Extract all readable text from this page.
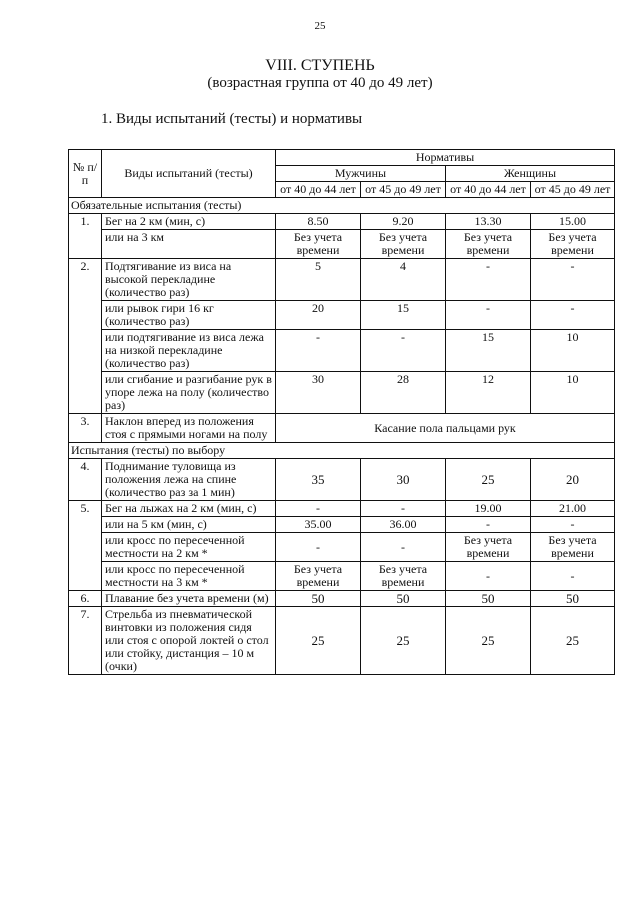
25
VIII. СТУПЕНЬ
(возрастная группа от 40 до 49 лет)
1. Виды испытаний (тесты) и нормативы
№ п/п	Виды испытаний (тесты)	Нормативы			
		Мужчины		Женщины	
		от 40 до 44 лет	от 45 до 49 лет	от 40 до 44 лет	от 45 до 49 лет
Обязательные испытания (тесты)					
1.	Бег на 2 км (мин, с)	8.50	9.20	13.30	15.00
	или на 3 км	Без учета времени	Без учета времени	Без учета времени	Без учета времени
2.	Подтягивание из виса на высокой перекладине (количество раз)	5	4	-	-
	или рывок гири 16 кг (количество раз)	20	15	-	-
	или подтягивание из виса лежа на низкой перекладине (количество раз)	-	-	15	10
	или сгибание и разгибание рук в упоре лежа на полу (количество раз)	30	28	12	10
3.	Наклон вперед из положения стоя с прямыми ногами на полу	Касание пола пальцами рук			
Испытания (тесты) по выбору					
4.	Поднимание туловища из положения лежа на спине (количество раз за 1 мин)	35	30	25	20
5.	Бег на лыжах на 2 км (мин, с)	-	-	19.00	21.00
	или на 5 км (мин, с)	35.00	36.00	-	-
	или кросс по пересеченной местности на 2 км *	-	-	Без учета времени	Без учета времени
	или кросс по пересеченной местности на 3 км *	Без учета времени	Без учета времени	-	-
6.	Плавание без учета времени (м)	50	50	50	50
7.	Стрельба из пневматической винтовки из положения сидя или стоя с опорой локтей о стол или стойку, дистанция – 10 м (очки)	25	25	25	25
